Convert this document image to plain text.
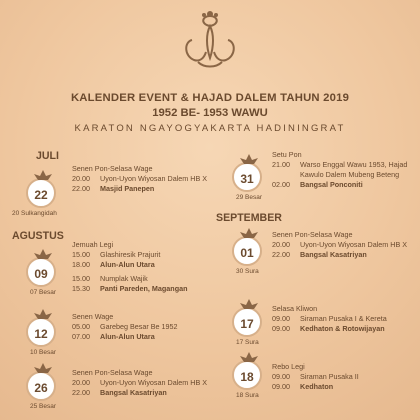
KALENDER EVENT & HAJAD DALEM TAHUN 2019
1952 BE- 1953 WAWU
KARATON NGAYOGYAKARTA HADININGRAT
JULI
AGUSTUS
SEPTEMBER
22
20 Sulkangidah
Senen Pon-Selasa Wage
20.00	Uyon-Uyon Wiyosan Dalem HB X
22.00	Masjid Panepen
09
07 Besar
Jemuah Legi
15.00	Glashiresik Prajurit
18.00	Alun-Alun Utara
15.00	Numplak Wajik
15.30	Panti Pareden, Magangan
12
10 Besar
Senen Wage
05.00	Garebeg Besar Be 1952
07.00	Alun-Alun Utara
26
25 Besar
Senen Pon-Selasa Wage
20.00	Uyon-Uyon Wiyosan Dalem HB X
22.00	Bangsal Kasatriyan
31
29 Besar
Setu Pon
21.00	Warso Enggal Wawu 1953, Hajad Kawulo Dalem Mubeng Beteng
02.00	Bangsal Ponconiti
01
30 Sura
Senen Pon-Selasa Wage
20.00	Uyon-Uyon Wiyosan Dalem HB X
22.00	Bangsal Kasatriyan
17
17 Sura
Selasa Kliwon
09.00	Siraman Pusaka I & Kereta
09.00	Kedhaton & Rotowijayan
18
18 Sura
Rebo Legi
09.00	Siraman Pusaka II
09.00	Kedhaton
